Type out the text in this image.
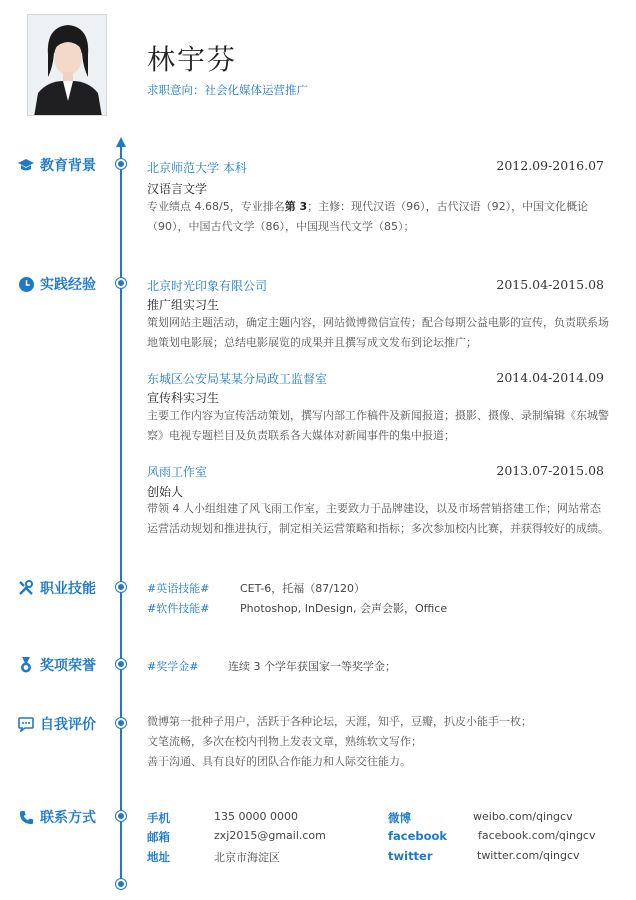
林宇芬
求职意向：社会化媒体运营推广
教育背景	北京师范大学 本科	2012.09-2016.07
汉语言文学
专业绩点 4.68/5，专业排名第 3；主修：现代汉语（96），古代汉语（92），中国文化概论（90），中国古代文学（86），中国现当代文学（85）；
实践经验	北京时光印象有限公司	2015.04-2015.08
推广组实习生
策划网站主题活动，确定主题内容，网站微博微信宣传；配合每期公益电影的宣传，负责联系场地策划电影展；总结电影展览的成果并且撰写成文发布到论坛推广；
东城区公安局某某分局政工监督室	2014.04-2014.09
宣传科实习生
主要工作内容为宣传活动策划，撰写内部工作稿件及新闻报道；摄影、摄像、录制编辑《东城警察》电视专题栏目及负责联系各大媒体对新闻事件的集中报道；
风雨工作室	2013.07-2015.08
创始人
带领 4 人小组组建了风飞雨工作室，主要致力于品牌建设，以及市场营销搭建工作；网站常态运营活动规划和推进执行，制定相关运营策略和指标；多次参加校内比赛，并获得较好的成绩。
职业技能	#英语技能#	CET-6，托福（87/120）
#软件技能#	Photoshop, InDesign, 会声会影，Office
奖项荣誉	#奖学金#	连续 3 个学年获国家一等奖学金；
自我评价	微博第一批种子用户，活跃于各种论坛，天涯，知乎，豆瓣，扒皮小能手一枚；
文笔流畅，多次在校内刊物上发表文章，熟练软文写作；
善于沟通、具有良好的团队合作能力和人际交往能力。
联系方式	手机	135 0000 0000
邮箱	zxj2015@gmail.com
地址	北京市海淀区
微博	weibo.com/qingcv
facebook	facebook.com/qingcv
twitter	twitter.com/qingcv
